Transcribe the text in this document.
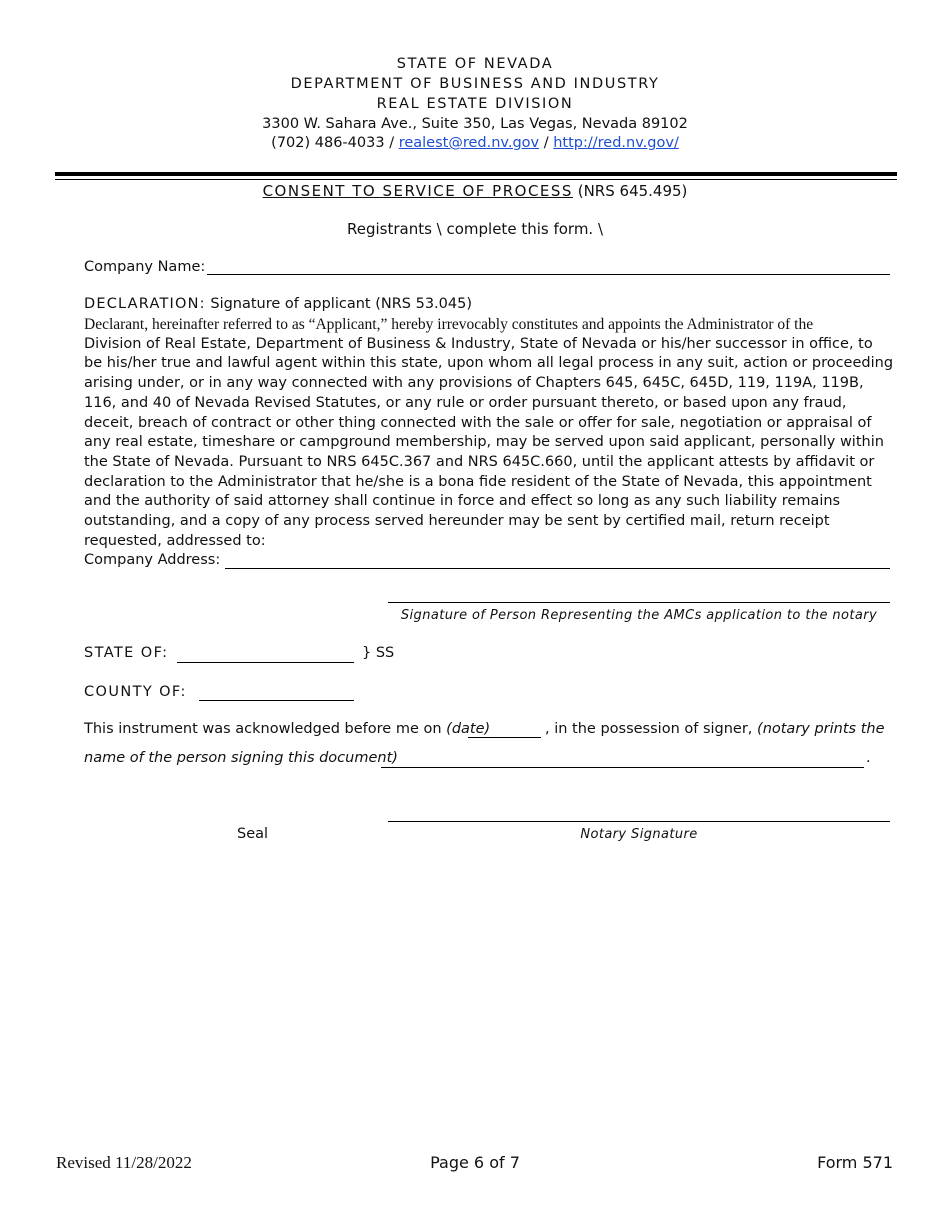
STATE OF NEVADA
DEPARTMENT OF BUSINESS AND INDUSTRY
REAL ESTATE DIVISION
3300 W. Sahara Ave., Suite 350, Las Vegas, Nevada 89102
(702) 486-4033 / realest@red.nv.gov / http://red.nv.gov/
CONSENT TO SERVICE OF PROCESS (NRS 645.495)
Registrants \ complete this form. \
Company Name:
DECLARATION: Signature of applicant (NRS 53.045)
Declarant, hereinafter referred to as “Applicant,” hereby irrevocably constitutes and appoints the Administrator of the
Division of Real Estate, Department of Business & Industry, State of Nevada or his/her successor in office, to be his/her true and lawful agent within this state, upon whom all legal process in any suit, action or proceeding arising under, or in any way connected with any provisions of Chapters 645, 645C, 645D, 119, 119A, 119B, 116, and 40 of Nevada Revised Statutes, or any rule or order pursuant thereto, or based upon any fraud, deceit, breach of contract or other thing connected with the sale or offer for sale, negotiation or appraisal of any real estate, timeshare or campground membership, may be served upon said applicant, personally within the State of Nevada. Pursuant to NRS 645C.367 and NRS 645C.660, until the applicant attests by affidavit or declaration to the Administrator that he/she is a bona fide resident of the State of Nevada, this appointment and the authority of said attorney shall continue in force and effect so long as any such liability remains outstanding, and a copy of any process served hereunder may be sent by certified mail, return receipt requested, addressed to:
Company Address:
Signature of Person Representing the AMCs application to the notary
STATE OF:	} SS
COUNTY OF:
This instrument was acknowledged before me on (date)	, in the possession of signer, (notary prints the
name of the person signing this document)	.
Seal	Notary Signature
Revised 11/28/2022	Page 6 of 7	Form 571
